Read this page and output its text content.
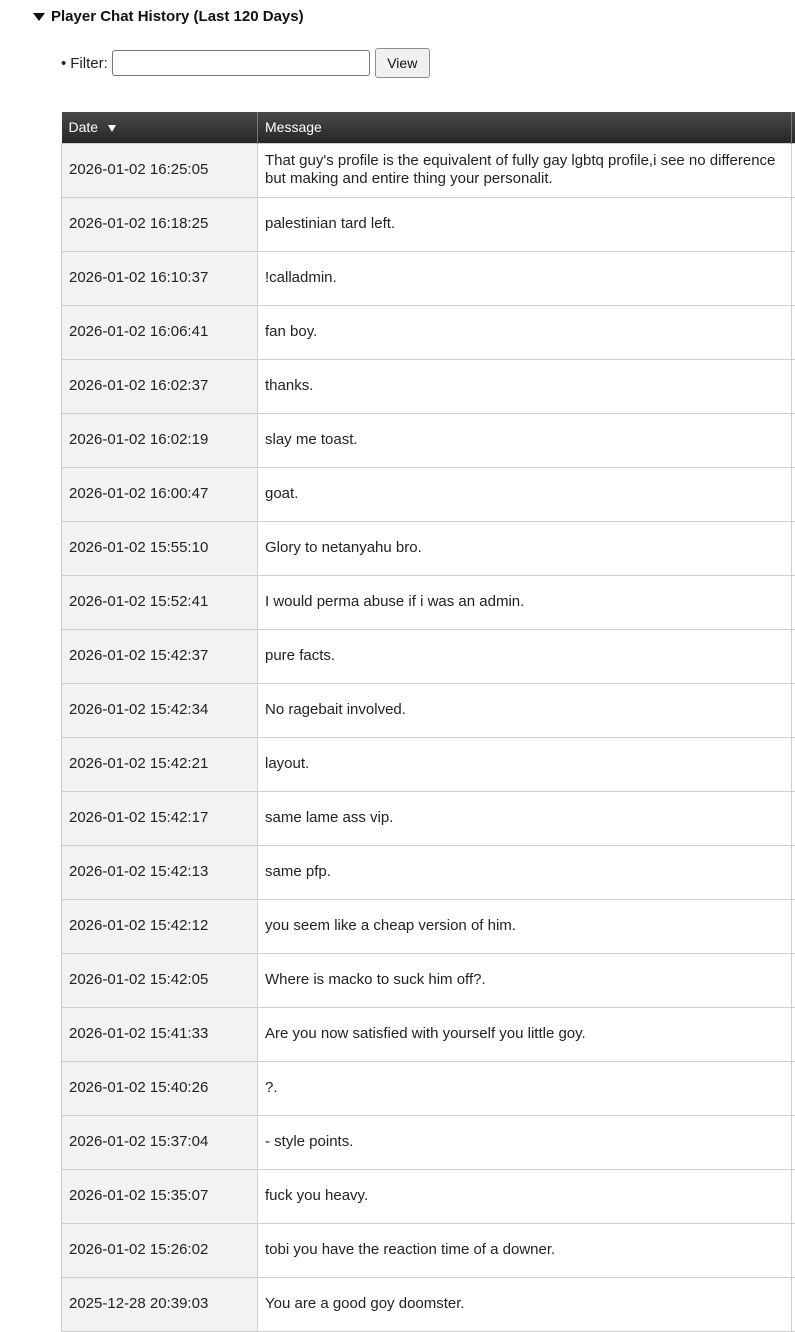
Player Chat History (Last 120 Days)
• Filter:	View
Date	Message	
2026-01-02 16:25:05	That guy's profile is the equivalent of fully gay lgbtq profile,i see no difference but making and entire thing your personalit.	
2026-01-02 16:18:25	palestinian tard left.	
2026-01-02 16:10:37	!calladmin.	
2026-01-02 16:06:41	fan boy.	
2026-01-02 16:02:37	thanks.	
2026-01-02 16:02:19	slay me toast.	
2026-01-02 16:00:47	goat.	
2026-01-02 15:55:10	Glory to netanyahu bro.	
2026-01-02 15:52:41	I would perma abuse if i was an admin.	
2026-01-02 15:42:37	pure facts.	
2026-01-02 15:42:34	No ragebait involved.	
2026-01-02 15:42:21	layout.	
2026-01-02 15:42:17	same lame ass vip.	
2026-01-02 15:42:13	same pfp.	
2026-01-02 15:42:12	you seem like a cheap version of him.	
2026-01-02 15:42:05	Where is macko to suck him off?.	
2026-01-02 15:41:33	Are you now satisfied with yourself you little goy.	
2026-01-02 15:40:26	?.	
2026-01-02 15:37:04	- style points.	
2026-01-02 15:35:07	fuck you heavy.	
2026-01-02 15:26:02	tobi you have the reaction time of a downer.	
2025-12-28 20:39:03	You are a good goy doomster.	
